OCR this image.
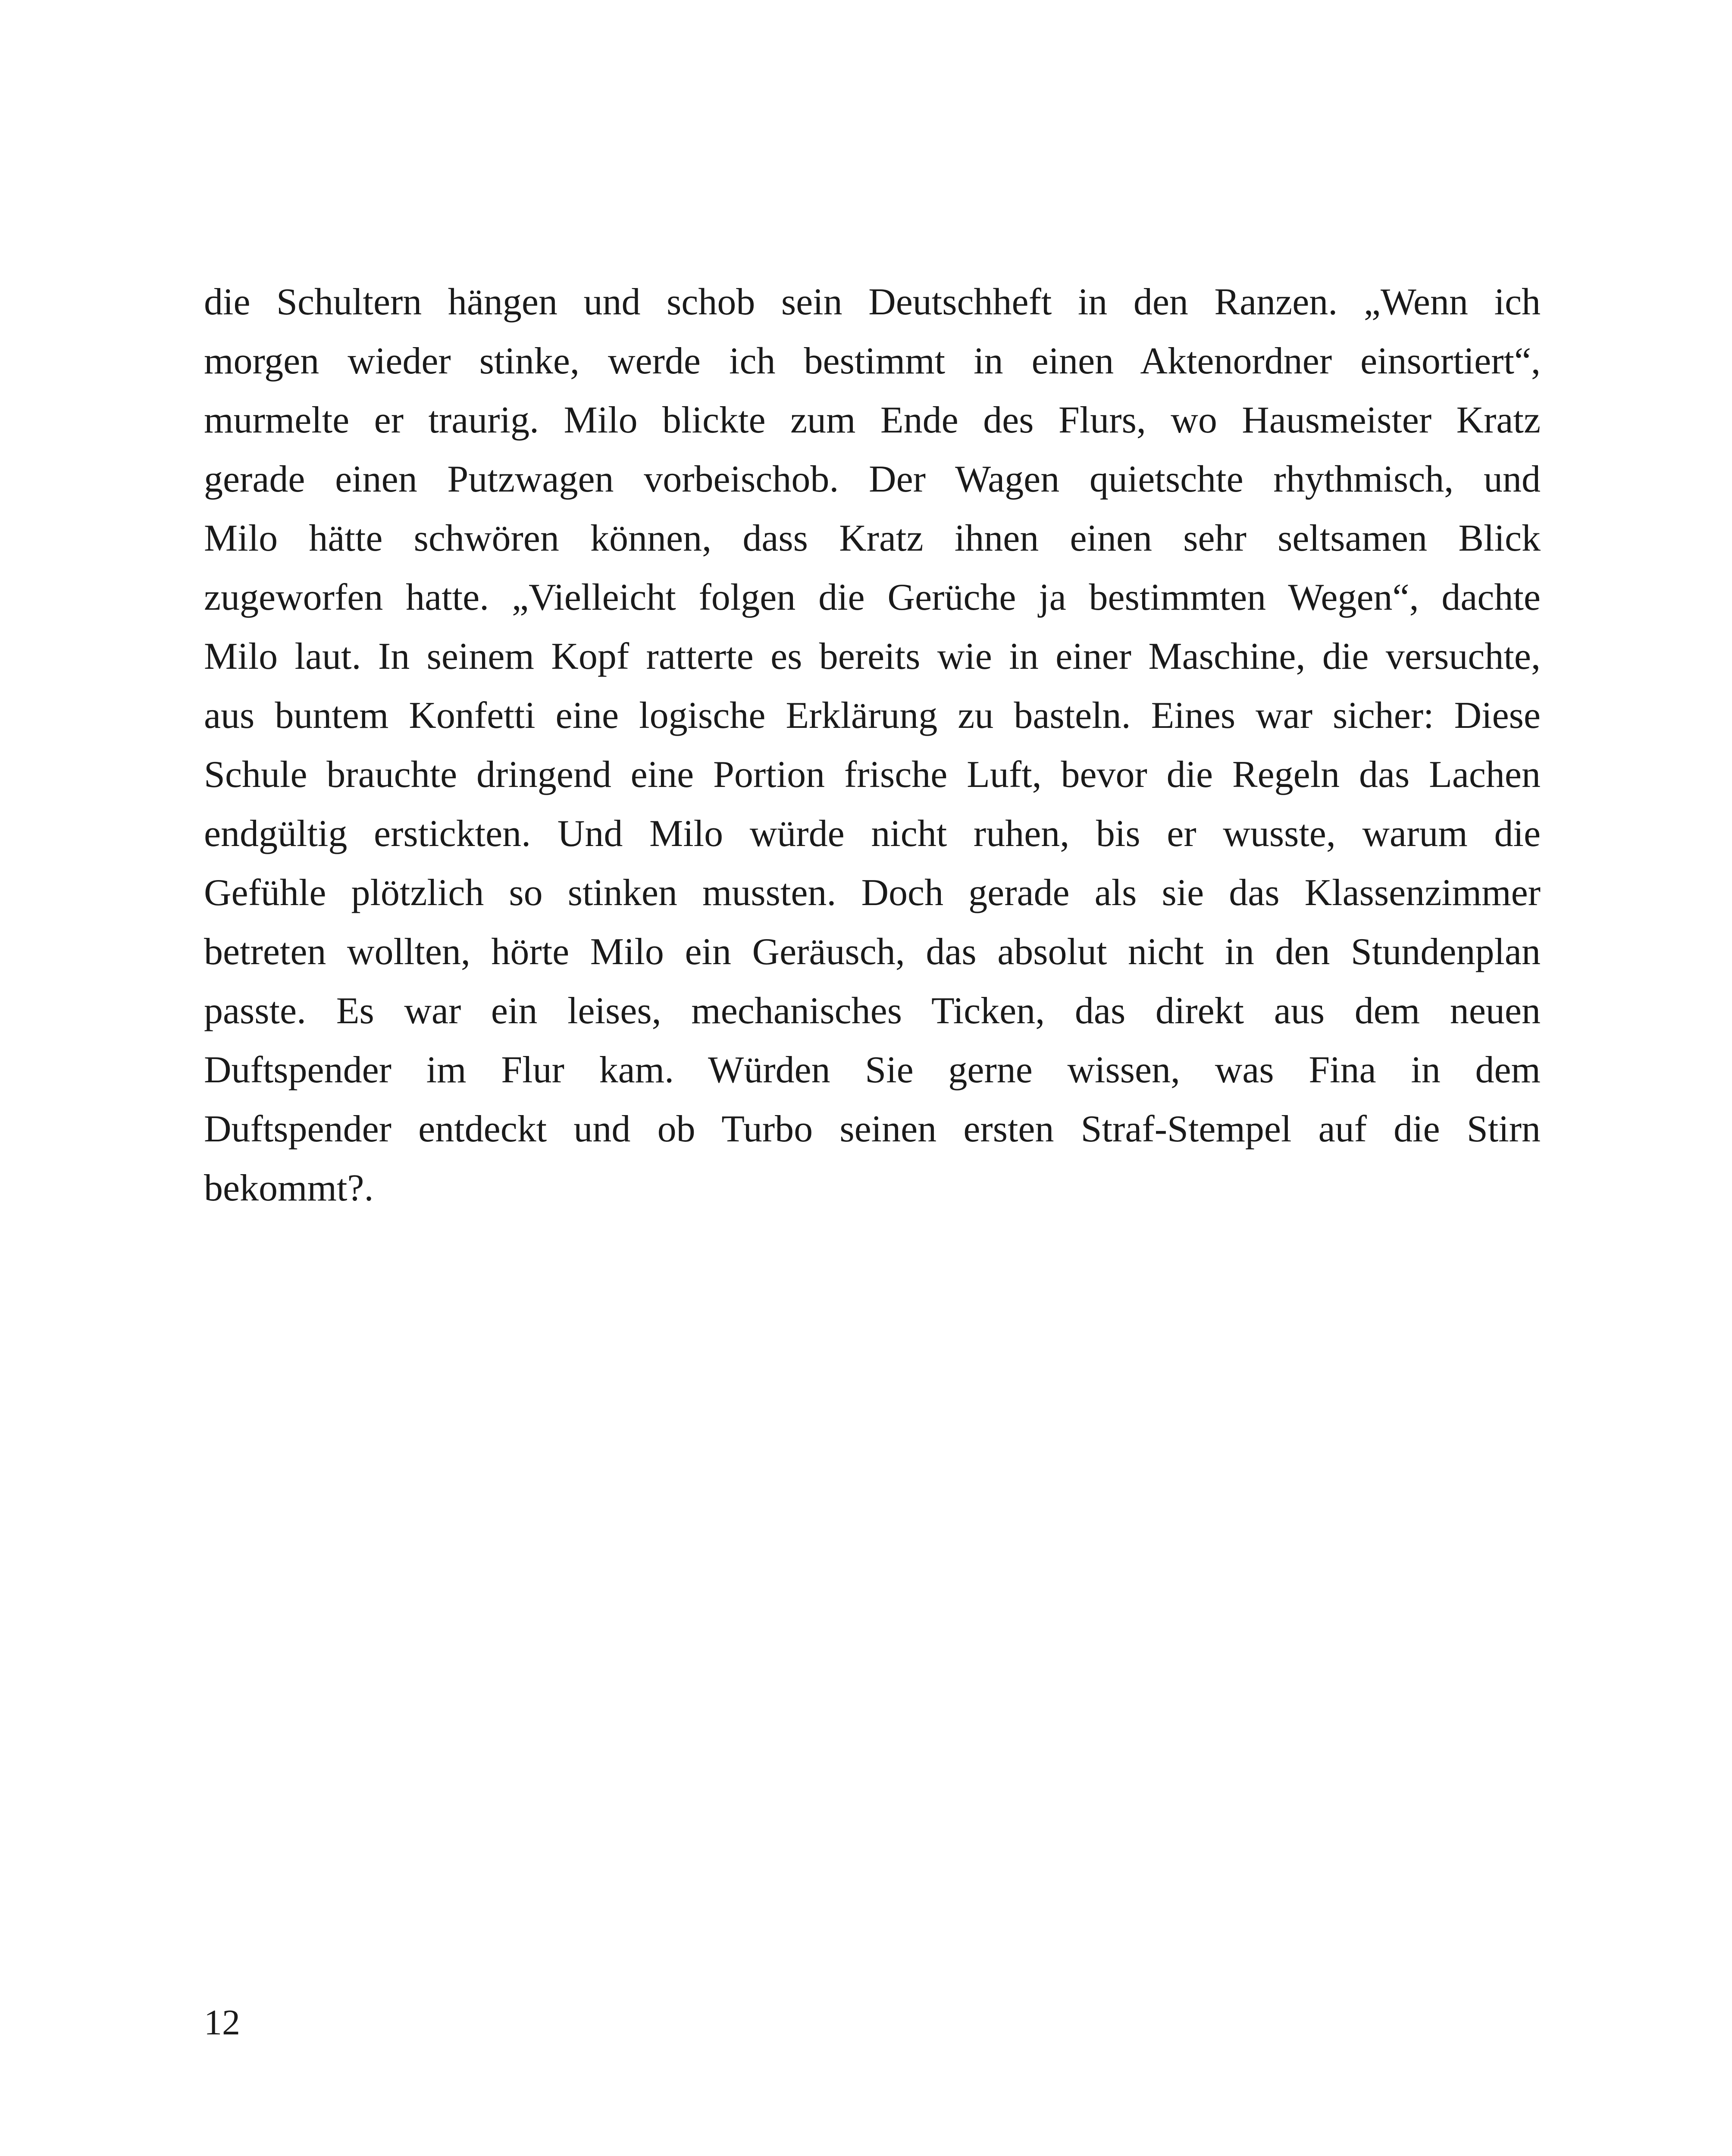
die Schultern hängen und schob sein Deutschheft in den Ranzen. „Wenn ich
morgen wieder stinke, werde ich bestimmt in einen Aktenordner einsortiert“,
murmelte er traurig. Milo blickte zum Ende des Flurs, wo Hausmeister Kratz
gerade einen Putzwagen vorbeischob. Der Wagen quietschte rhythmisch, und
Milo hätte schwören können, dass Kratz ihnen einen sehr seltsamen Blick
zugeworfen hatte. „Vielleicht folgen die Gerüche ja bestimmten Wegen“, dachte
Milo laut. In seinem Kopf ratterte es bereits wie in einer Maschine, die versuchte,
aus buntem Konfetti eine logische Erklärung zu basteln. Eines war sicher: Diese
Schule brauchte dringend eine Portion frische Luft, bevor die Regeln das Lachen
endgültig erstickten. Und Milo würde nicht ruhen, bis er wusste, warum die
Gefühle plötzlich so stinken mussten. Doch gerade als sie das Klassenzimmer
betreten wollten, hörte Milo ein Geräusch, das absolut nicht in den Stundenplan
passte. Es war ein leises, mechanisches Ticken, das direkt aus dem neuen
Duftspender im Flur kam. Würden Sie gerne wissen, was Fina in dem
Duftspender entdeckt und ob Turbo seinen ersten Straf-Stempel auf die Stirn
bekommt?.
12
